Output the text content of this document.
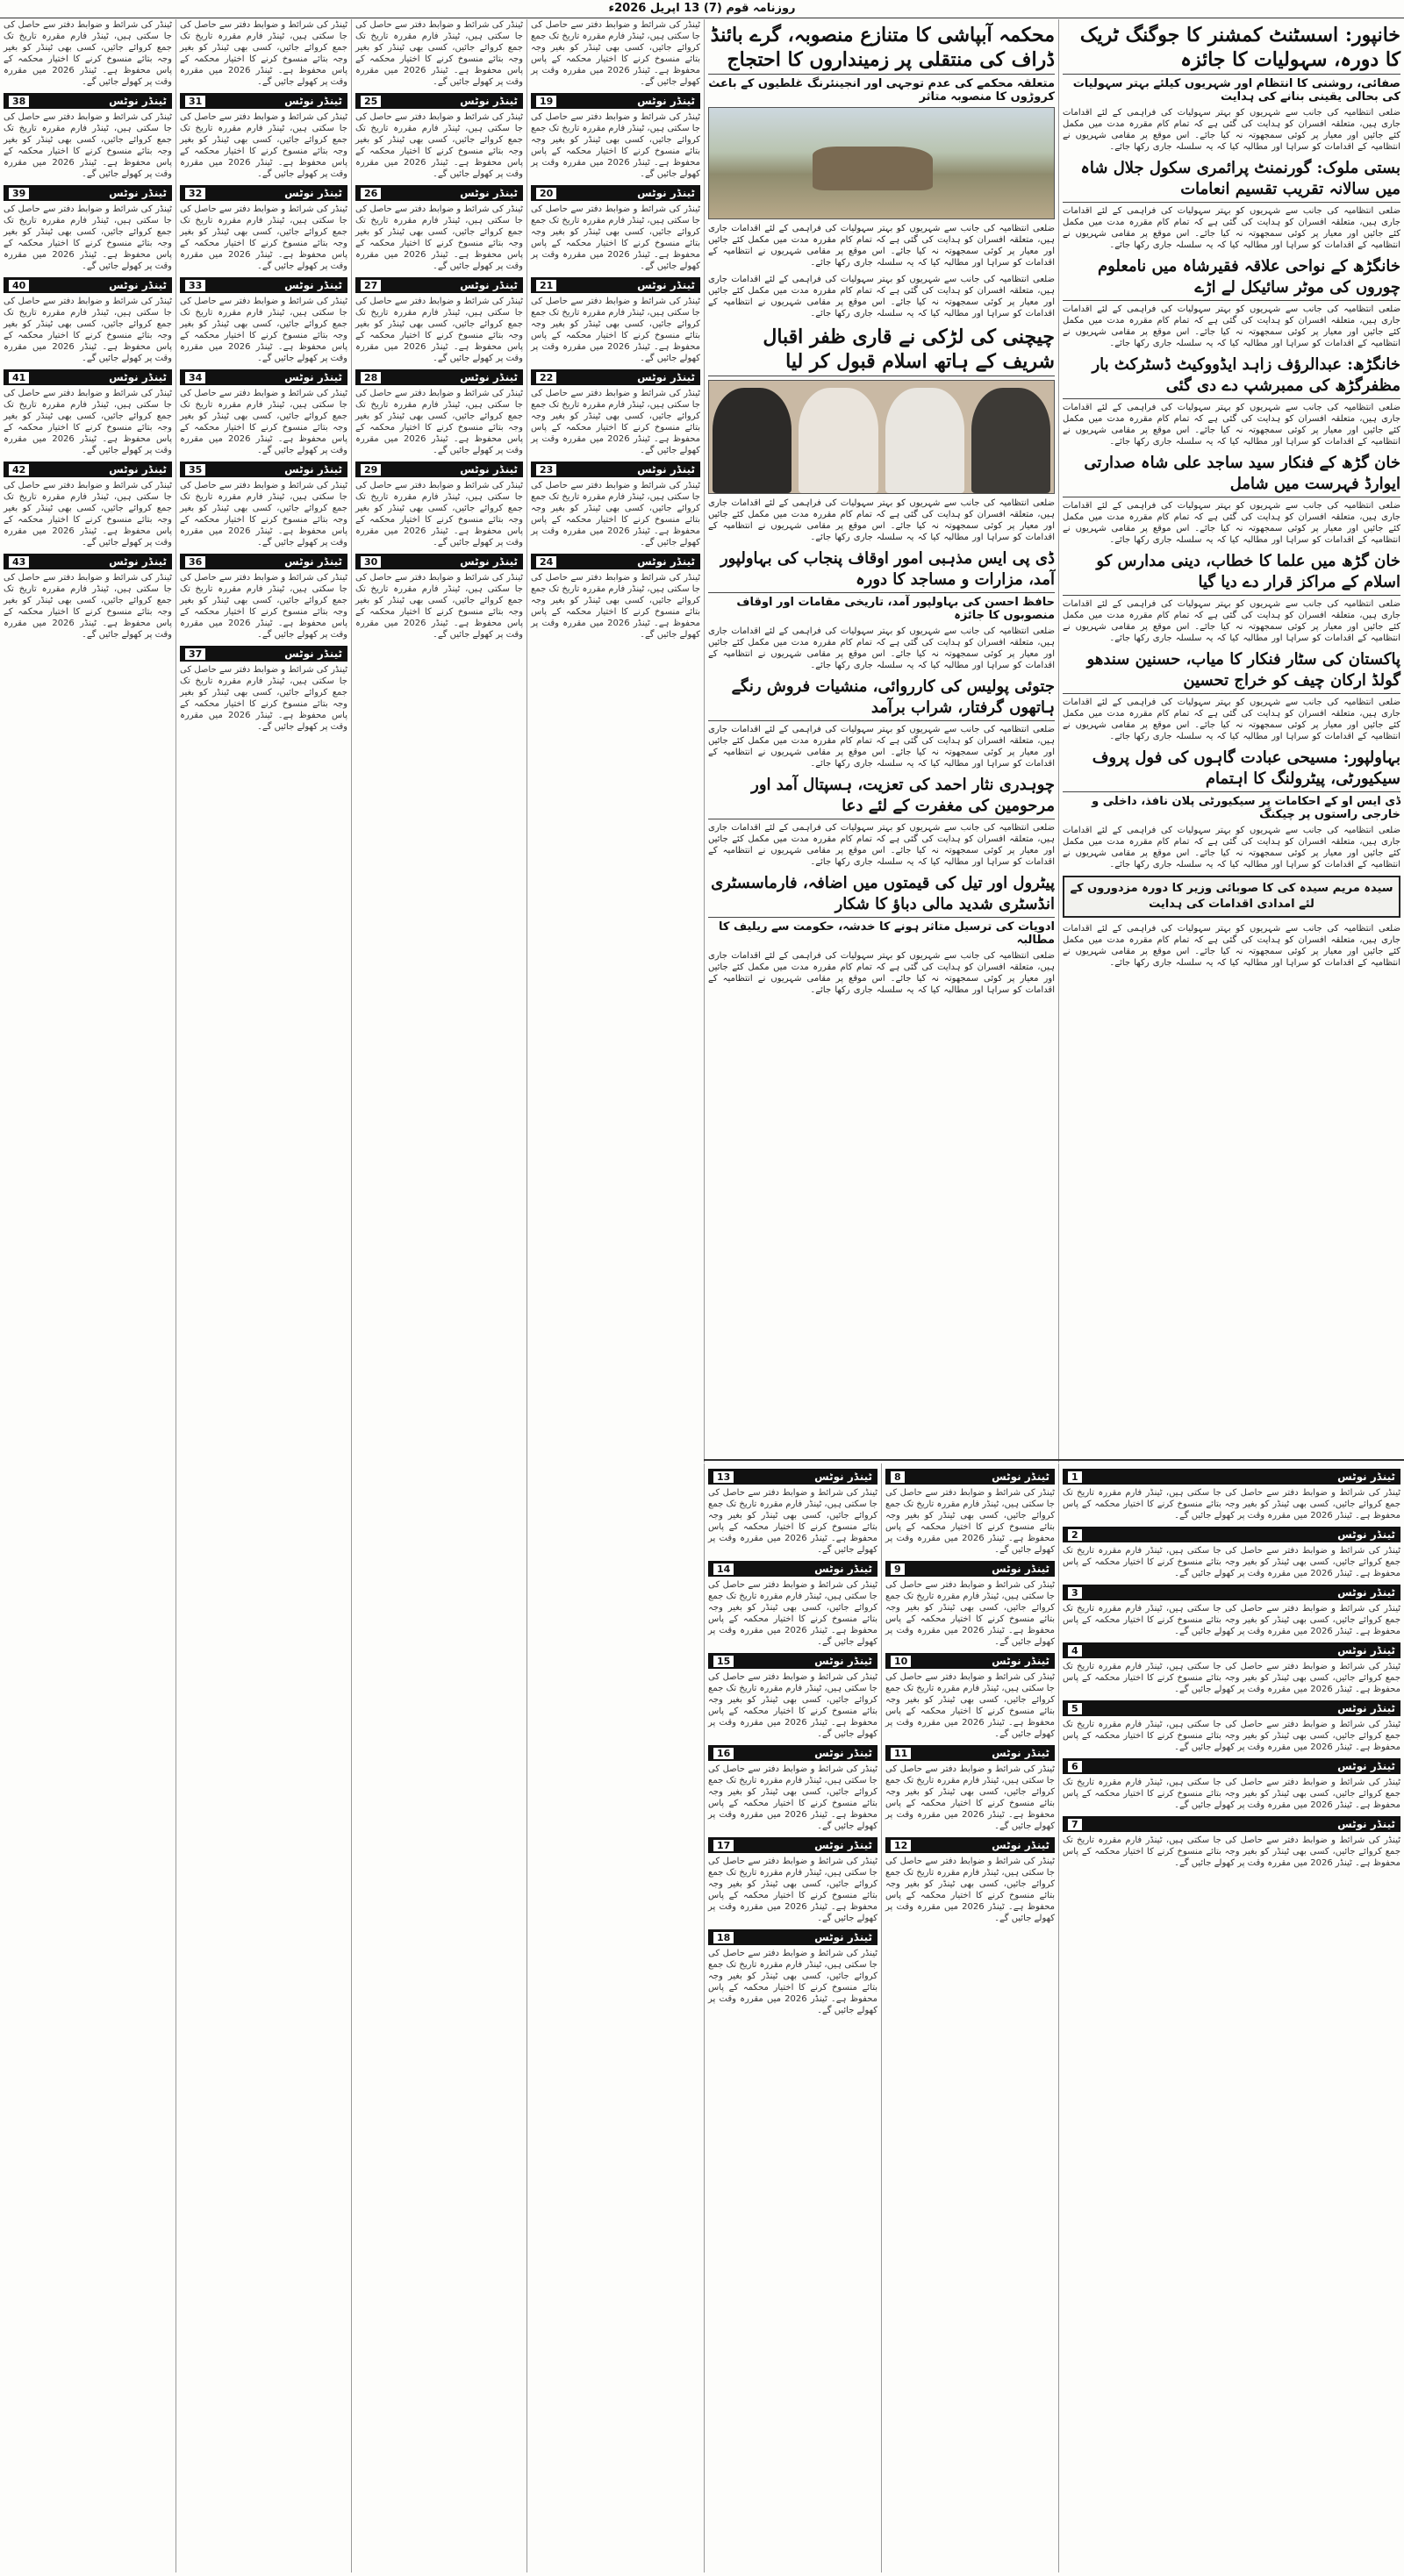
روزنامہ قوم (7) 13 اپریل 2026ء
خانپور: اسسٹنٹ کمشنر کا جوگنگ ٹریک کا دورہ، سہولیات کا جائزہ
صفائی، روشنی کا انتظام اور شہریوں کیلئے بہتر سہولیات کی بحالی یقینی بنانے کی ہدایت

ضلعی انتظامیہ کی جانب سے شہریوں کو بہتر سہولیات کی فراہمی کے لئے اقدامات جاری ہیں، متعلقہ افسران کو ہدایت کی گئی ہے کہ تمام کام مقررہ مدت میں مکمل کئے جائیں اور معیار پر کوئی سمجھوتہ نہ کیا جائے۔ اس موقع پر مقامی شہریوں نے انتظامیہ کے اقدامات کو سراہا اور مطالبہ کیا کہ یہ سلسلہ جاری رکھا جائے۔

بستی ملوک: گورنمنٹ پرائمری سکول جلال شاہ میں سالانہ تقریب تقسیم انعامات

ضلعی انتظامیہ کی جانب سے شہریوں کو بہتر سہولیات کی فراہمی کے لئے اقدامات جاری ہیں، متعلقہ افسران کو ہدایت کی گئی ہے کہ تمام کام مقررہ مدت میں مکمل کئے جائیں اور معیار پر کوئی سمجھوتہ نہ کیا جائے۔ اس موقع پر مقامی شہریوں نے انتظامیہ کے اقدامات کو سراہا اور مطالبہ کیا کہ یہ سلسلہ جاری رکھا جائے۔

خانگڑھ کے نواحی علاقہ فقیرشاہ میں نامعلوم چوروں کی موٹر سائیکل لے اڑے

ضلعی انتظامیہ کی جانب سے شہریوں کو بہتر سہولیات کی فراہمی کے لئے اقدامات جاری ہیں، متعلقہ افسران کو ہدایت کی گئی ہے کہ تمام کام مقررہ مدت میں مکمل کئے جائیں اور معیار پر کوئی سمجھوتہ نہ کیا جائے۔ اس موقع پر مقامی شہریوں نے انتظامیہ کے اقدامات کو سراہا اور مطالبہ کیا کہ یہ سلسلہ جاری رکھا جائے۔

خانگڑھ: عبدالرؤف زاہد ایڈووکیٹ ڈسٹرکٹ بار مظفرگڑھ کی ممبرشپ دے دی گئی

ضلعی انتظامیہ کی جانب سے شہریوں کو بہتر سہولیات کی فراہمی کے لئے اقدامات جاری ہیں، متعلقہ افسران کو ہدایت کی گئی ہے کہ تمام کام مقررہ مدت میں مکمل کئے جائیں اور معیار پر کوئی سمجھوتہ نہ کیا جائے۔ اس موقع پر مقامی شہریوں نے انتظامیہ کے اقدامات کو سراہا اور مطالبہ کیا کہ یہ سلسلہ جاری رکھا جائے۔

خان گڑھ کے فنکار سید ساجد علی شاہ صدارتی ایوارڈ فہرست میں شامل

ضلعی انتظامیہ کی جانب سے شہریوں کو بہتر سہولیات کی فراہمی کے لئے اقدامات جاری ہیں، متعلقہ افسران کو ہدایت کی گئی ہے کہ تمام کام مقررہ مدت میں مکمل کئے جائیں اور معیار پر کوئی سمجھوتہ نہ کیا جائے۔ اس موقع پر مقامی شہریوں نے انتظامیہ کے اقدامات کو سراہا اور مطالبہ کیا کہ یہ سلسلہ جاری رکھا جائے۔

خان گڑھ میں علما کا خطاب، دینی مدارس کو اسلام کے مراکز قرار دے دیا گیا

ضلعی انتظامیہ کی جانب سے شہریوں کو بہتر سہولیات کی فراہمی کے لئے اقدامات جاری ہیں، متعلقہ افسران کو ہدایت کی گئی ہے کہ تمام کام مقررہ مدت میں مکمل کئے جائیں اور معیار پر کوئی سمجھوتہ نہ کیا جائے۔ اس موقع پر مقامی شہریوں نے انتظامیہ کے اقدامات کو سراہا اور مطالبہ کیا کہ یہ سلسلہ جاری رکھا جائے۔

پاکستان کی سٹار فنکار کا میاب، حسنین سندھو گولڈ ارکان چیف کو خراج تحسین

ضلعی انتظامیہ کی جانب سے شہریوں کو بہتر سہولیات کی فراہمی کے لئے اقدامات جاری ہیں، متعلقہ افسران کو ہدایت کی گئی ہے کہ تمام کام مقررہ مدت میں مکمل کئے جائیں اور معیار پر کوئی سمجھوتہ نہ کیا جائے۔ اس موقع پر مقامی شہریوں نے انتظامیہ کے اقدامات کو سراہا اور مطالبہ کیا کہ یہ سلسلہ جاری رکھا جائے۔

بہاولپور: مسیحی عبادت گاہوں کی فول پروف سیکیورٹی، پیٹرولنگ کا اہتمام
ڈی ایس او کے احکامات پر سیکیورٹی پلان نافذ، داخلی و خارجی راستوں پر چیکنگ

ضلعی انتظامیہ کی جانب سے شہریوں کو بہتر سہولیات کی فراہمی کے لئے اقدامات جاری ہیں، متعلقہ افسران کو ہدایت کی گئی ہے کہ تمام کام مقررہ مدت میں مکمل کئے جائیں اور معیار پر کوئی سمجھوتہ نہ کیا جائے۔ اس موقع پر مقامی شہریوں نے انتظامیہ کے اقدامات کو سراہا اور مطالبہ کیا کہ یہ سلسلہ جاری رکھا جائے۔

سیدہ مریم سیدہ کی کا صوبائی وزیر کا دورہ مزدوروں کے لئے امدادی اقدامات کی ہدایت

ضلعی انتظامیہ کی جانب سے شہریوں کو بہتر سہولیات کی فراہمی کے لئے اقدامات جاری ہیں، متعلقہ افسران کو ہدایت کی گئی ہے کہ تمام کام مقررہ مدت میں مکمل کئے جائیں اور معیار پر کوئی سمجھوتہ نہ کیا جائے۔ اس موقع پر مقامی شہریوں نے انتظامیہ کے اقدامات کو سراہا اور مطالبہ کیا کہ یہ سلسلہ جاری رکھا جائے۔

محکمہ آبپاشی کا متنازع منصوبہ، گرے بائنڈ ڈراف کی منتقلی پر زمینداروں کا احتجاج
متعلقہ محکمے کی عدم توجہی اور انجینئرنگ غلطیوں کے باعث کروڑوں کا منصوبہ متاثر

ضلعی انتظامیہ کی جانب سے شہریوں کو بہتر سہولیات کی فراہمی کے لئے اقدامات جاری ہیں، متعلقہ افسران کو ہدایت کی گئی ہے کہ تمام کام مقررہ مدت میں مکمل کئے جائیں اور معیار پر کوئی سمجھوتہ نہ کیا جائے۔ اس موقع پر مقامی شہریوں نے انتظامیہ کے اقدامات کو سراہا اور مطالبہ کیا کہ یہ سلسلہ جاری رکھا جائے۔

ضلعی انتظامیہ کی جانب سے شہریوں کو بہتر سہولیات کی فراہمی کے لئے اقدامات جاری ہیں، متعلقہ افسران کو ہدایت کی گئی ہے کہ تمام کام مقررہ مدت میں مکمل کئے جائیں اور معیار پر کوئی سمجھوتہ نہ کیا جائے۔ اس موقع پر مقامی شہریوں نے انتظامیہ کے اقدامات کو سراہا اور مطالبہ کیا کہ یہ سلسلہ جاری رکھا جائے۔

چیچنی کی لڑکی نے قاری ظفر اقبال شریف کے ہاتھ اسلام قبول کر لیا

ضلعی انتظامیہ کی جانب سے شہریوں کو بہتر سہولیات کی فراہمی کے لئے اقدامات جاری ہیں، متعلقہ افسران کو ہدایت کی گئی ہے کہ تمام کام مقررہ مدت میں مکمل کئے جائیں اور معیار پر کوئی سمجھوتہ نہ کیا جائے۔ اس موقع پر مقامی شہریوں نے انتظامیہ کے اقدامات کو سراہا اور مطالبہ کیا کہ یہ سلسلہ جاری رکھا جائے۔

ڈی پی ایس مذہبی امور اوقاف پنجاب کی بہاولپور آمد، مزارات و مساجد کا دورہ
حافظ احسن کی بہاولپور آمد، تاریخی مقامات اور اوقاف منصوبوں کا جائزہ

ضلعی انتظامیہ کی جانب سے شہریوں کو بہتر سہولیات کی فراہمی کے لئے اقدامات جاری ہیں، متعلقہ افسران کو ہدایت کی گئی ہے کہ تمام کام مقررہ مدت میں مکمل کئے جائیں اور معیار پر کوئی سمجھوتہ نہ کیا جائے۔ اس موقع پر مقامی شہریوں نے انتظامیہ کے اقدامات کو سراہا اور مطالبہ کیا کہ یہ سلسلہ جاری رکھا جائے۔

جتوئی پولیس کی کارروائی، منشیات فروش رنگے ہاتھوں گرفتار، شراب برآمد

ضلعی انتظامیہ کی جانب سے شہریوں کو بہتر سہولیات کی فراہمی کے لئے اقدامات جاری ہیں، متعلقہ افسران کو ہدایت کی گئی ہے کہ تمام کام مقررہ مدت میں مکمل کئے جائیں اور معیار پر کوئی سمجھوتہ نہ کیا جائے۔ اس موقع پر مقامی شہریوں نے انتظامیہ کے اقدامات کو سراہا اور مطالبہ کیا کہ یہ سلسلہ جاری رکھا جائے۔

چوہدری نثار احمد کی تعزیت، ہسپتال آمد اور مرحومین کی مغفرت کے لئے دعا

ضلعی انتظامیہ کی جانب سے شہریوں کو بہتر سہولیات کی فراہمی کے لئے اقدامات جاری ہیں، متعلقہ افسران کو ہدایت کی گئی ہے کہ تمام کام مقررہ مدت میں مکمل کئے جائیں اور معیار پر کوئی سمجھوتہ نہ کیا جائے۔ اس موقع پر مقامی شہریوں نے انتظامیہ کے اقدامات کو سراہا اور مطالبہ کیا کہ یہ سلسلہ جاری رکھا جائے۔

پیٹرول اور تیل کی قیمتوں میں اضافہ، فارماسسٹری انڈسٹری شدید مالی دباؤ کا شکار
ادویات کی ترسیل متاثر ہونے کا خدشہ، حکومت سے ریلیف کا مطالبہ

ضلعی انتظامیہ کی جانب سے شہریوں کو بہتر سہولیات کی فراہمی کے لئے اقدامات جاری ہیں، متعلقہ افسران کو ہدایت کی گئی ہے کہ تمام کام مقررہ مدت میں مکمل کئے جائیں اور معیار پر کوئی سمجھوتہ نہ کیا جائے۔ اس موقع پر مقامی شہریوں نے انتظامیہ کے اقدامات کو سراہا اور مطالبہ کیا کہ یہ سلسلہ جاری رکھا جائے۔

ٹینڈر نوٹس
1

ٹینڈر کی شرائط و ضوابط دفتر سے حاصل کی جا سکتی ہیں، ٹینڈر فارم مقررہ تاریخ تک جمع کروائے جائیں، کسی بھی ٹینڈر کو بغیر وجہ بتائے منسوخ کرنے کا اختیار محکمہ کے پاس محفوظ ہے۔ ٹینڈر 2026 میں مقررہ وقت پر کھولے جائیں گے۔

ٹینڈر نوٹس
2

ٹینڈر کی شرائط و ضوابط دفتر سے حاصل کی جا سکتی ہیں، ٹینڈر فارم مقررہ تاریخ تک جمع کروائے جائیں، کسی بھی ٹینڈر کو بغیر وجہ بتائے منسوخ کرنے کا اختیار محکمہ کے پاس محفوظ ہے۔ ٹینڈر 2026 میں مقررہ وقت پر کھولے جائیں گے۔

ٹینڈر نوٹس
3

ٹینڈر کی شرائط و ضوابط دفتر سے حاصل کی جا سکتی ہیں، ٹینڈر فارم مقررہ تاریخ تک جمع کروائے جائیں، کسی بھی ٹینڈر کو بغیر وجہ بتائے منسوخ کرنے کا اختیار محکمہ کے پاس محفوظ ہے۔ ٹینڈر 2026 میں مقررہ وقت پر کھولے جائیں گے۔

ٹینڈر نوٹس
4

ٹینڈر کی شرائط و ضوابط دفتر سے حاصل کی جا سکتی ہیں، ٹینڈر فارم مقررہ تاریخ تک جمع کروائے جائیں، کسی بھی ٹینڈر کو بغیر وجہ بتائے منسوخ کرنے کا اختیار محکمہ کے پاس محفوظ ہے۔ ٹینڈر 2026 میں مقررہ وقت پر کھولے جائیں گے۔

ٹینڈر نوٹس
5

ٹینڈر کی شرائط و ضوابط دفتر سے حاصل کی جا سکتی ہیں، ٹینڈر فارم مقررہ تاریخ تک جمع کروائے جائیں، کسی بھی ٹینڈر کو بغیر وجہ بتائے منسوخ کرنے کا اختیار محکمہ کے پاس محفوظ ہے۔ ٹینڈر 2026 میں مقررہ وقت پر کھولے جائیں گے۔

ٹینڈر نوٹس
6

ٹینڈر کی شرائط و ضوابط دفتر سے حاصل کی جا سکتی ہیں، ٹینڈر فارم مقررہ تاریخ تک جمع کروائے جائیں، کسی بھی ٹینڈر کو بغیر وجہ بتائے منسوخ کرنے کا اختیار محکمہ کے پاس محفوظ ہے۔ ٹینڈر 2026 میں مقررہ وقت پر کھولے جائیں گے۔

ٹینڈر نوٹس
7

ٹینڈر کی شرائط و ضوابط دفتر سے حاصل کی جا سکتی ہیں، ٹینڈر فارم مقررہ تاریخ تک جمع کروائے جائیں، کسی بھی ٹینڈر کو بغیر وجہ بتائے منسوخ کرنے کا اختیار محکمہ کے پاس محفوظ ہے۔ ٹینڈر 2026 میں مقررہ وقت پر کھولے جائیں گے۔

ٹینڈر نوٹس
8

ٹینڈر کی شرائط و ضوابط دفتر سے حاصل کی جا سکتی ہیں، ٹینڈر فارم مقررہ تاریخ تک جمع کروائے جائیں، کسی بھی ٹینڈر کو بغیر وجہ بتائے منسوخ کرنے کا اختیار محکمہ کے پاس محفوظ ہے۔ ٹینڈر 2026 میں مقررہ وقت پر کھولے جائیں گے۔

ٹینڈر نوٹس
9

ٹینڈر کی شرائط و ضوابط دفتر سے حاصل کی جا سکتی ہیں، ٹینڈر فارم مقررہ تاریخ تک جمع کروائے جائیں، کسی بھی ٹینڈر کو بغیر وجہ بتائے منسوخ کرنے کا اختیار محکمہ کے پاس محفوظ ہے۔ ٹینڈر 2026 میں مقررہ وقت پر کھولے جائیں گے۔

ٹینڈر نوٹس
10

ٹینڈر کی شرائط و ضوابط دفتر سے حاصل کی جا سکتی ہیں، ٹینڈر فارم مقررہ تاریخ تک جمع کروائے جائیں، کسی بھی ٹینڈر کو بغیر وجہ بتائے منسوخ کرنے کا اختیار محکمہ کے پاس محفوظ ہے۔ ٹینڈر 2026 میں مقررہ وقت پر کھولے جائیں گے۔

ٹینڈر نوٹس
11

ٹینڈر کی شرائط و ضوابط دفتر سے حاصل کی جا سکتی ہیں، ٹینڈر فارم مقررہ تاریخ تک جمع کروائے جائیں، کسی بھی ٹینڈر کو بغیر وجہ بتائے منسوخ کرنے کا اختیار محکمہ کے پاس محفوظ ہے۔ ٹینڈر 2026 میں مقررہ وقت پر کھولے جائیں گے۔

ٹینڈر نوٹس
12

ٹینڈر کی شرائط و ضوابط دفتر سے حاصل کی جا سکتی ہیں، ٹینڈر فارم مقررہ تاریخ تک جمع کروائے جائیں، کسی بھی ٹینڈر کو بغیر وجہ بتائے منسوخ کرنے کا اختیار محکمہ کے پاس محفوظ ہے۔ ٹینڈر 2026 میں مقررہ وقت پر کھولے جائیں گے۔

ٹینڈر نوٹس
13

ٹینڈر کی شرائط و ضوابط دفتر سے حاصل کی جا سکتی ہیں، ٹینڈر فارم مقررہ تاریخ تک جمع کروائے جائیں، کسی بھی ٹینڈر کو بغیر وجہ بتائے منسوخ کرنے کا اختیار محکمہ کے پاس محفوظ ہے۔ ٹینڈر 2026 میں مقررہ وقت پر کھولے جائیں گے۔

ٹینڈر نوٹس
14

ٹینڈر کی شرائط و ضوابط دفتر سے حاصل کی جا سکتی ہیں، ٹینڈر فارم مقررہ تاریخ تک جمع کروائے جائیں، کسی بھی ٹینڈر کو بغیر وجہ بتائے منسوخ کرنے کا اختیار محکمہ کے پاس محفوظ ہے۔ ٹینڈر 2026 میں مقررہ وقت پر کھولے جائیں گے۔

ٹینڈر نوٹس
15

ٹینڈر کی شرائط و ضوابط دفتر سے حاصل کی جا سکتی ہیں، ٹینڈر فارم مقررہ تاریخ تک جمع کروائے جائیں، کسی بھی ٹینڈر کو بغیر وجہ بتائے منسوخ کرنے کا اختیار محکمہ کے پاس محفوظ ہے۔ ٹینڈر 2026 میں مقررہ وقت پر کھولے جائیں گے۔

ٹینڈر نوٹس
16

ٹینڈر کی شرائط و ضوابط دفتر سے حاصل کی جا سکتی ہیں، ٹینڈر فارم مقررہ تاریخ تک جمع کروائے جائیں، کسی بھی ٹینڈر کو بغیر وجہ بتائے منسوخ کرنے کا اختیار محکمہ کے پاس محفوظ ہے۔ ٹینڈر 2026 میں مقررہ وقت پر کھولے جائیں گے۔

ٹینڈر نوٹس
17

ٹینڈر کی شرائط و ضوابط دفتر سے حاصل کی جا سکتی ہیں، ٹینڈر فارم مقررہ تاریخ تک جمع کروائے جائیں، کسی بھی ٹینڈر کو بغیر وجہ بتائے منسوخ کرنے کا اختیار محکمہ کے پاس محفوظ ہے۔ ٹینڈر 2026 میں مقررہ وقت پر کھولے جائیں گے۔

ٹینڈر نوٹس
18

ٹینڈر کی شرائط و ضوابط دفتر سے حاصل کی جا سکتی ہیں، ٹینڈر فارم مقررہ تاریخ تک جمع کروائے جائیں، کسی بھی ٹینڈر کو بغیر وجہ بتائے منسوخ کرنے کا اختیار محکمہ کے پاس محفوظ ہے۔ ٹینڈر 2026 میں مقررہ وقت پر کھولے جائیں گے۔

ٹینڈر کی شرائط و ضوابط دفتر سے حاصل کی جا سکتی ہیں، ٹینڈر فارم مقررہ تاریخ تک جمع کروائے جائیں، کسی بھی ٹینڈر کو بغیر وجہ بتائے منسوخ کرنے کا اختیار محکمہ کے پاس محفوظ ہے۔ ٹینڈر 2026 میں مقررہ وقت پر کھولے جائیں گے۔

ٹینڈر نوٹس
19

ٹینڈر کی شرائط و ضوابط دفتر سے حاصل کی جا سکتی ہیں، ٹینڈر فارم مقررہ تاریخ تک جمع کروائے جائیں، کسی بھی ٹینڈر کو بغیر وجہ بتائے منسوخ کرنے کا اختیار محکمہ کے پاس محفوظ ہے۔ ٹینڈر 2026 میں مقررہ وقت پر کھولے جائیں گے۔

ٹینڈر نوٹس
20

ٹینڈر کی شرائط و ضوابط دفتر سے حاصل کی جا سکتی ہیں، ٹینڈر فارم مقررہ تاریخ تک جمع کروائے جائیں، کسی بھی ٹینڈر کو بغیر وجہ بتائے منسوخ کرنے کا اختیار محکمہ کے پاس محفوظ ہے۔ ٹینڈر 2026 میں مقررہ وقت پر کھولے جائیں گے۔

ٹینڈر نوٹس
21

ٹینڈر کی شرائط و ضوابط دفتر سے حاصل کی جا سکتی ہیں، ٹینڈر فارم مقررہ تاریخ تک جمع کروائے جائیں، کسی بھی ٹینڈر کو بغیر وجہ بتائے منسوخ کرنے کا اختیار محکمہ کے پاس محفوظ ہے۔ ٹینڈر 2026 میں مقررہ وقت پر کھولے جائیں گے۔

ٹینڈر نوٹس
22

ٹینڈر کی شرائط و ضوابط دفتر سے حاصل کی جا سکتی ہیں، ٹینڈر فارم مقررہ تاریخ تک جمع کروائے جائیں، کسی بھی ٹینڈر کو بغیر وجہ بتائے منسوخ کرنے کا اختیار محکمہ کے پاس محفوظ ہے۔ ٹینڈر 2026 میں مقررہ وقت پر کھولے جائیں گے۔

ٹینڈر نوٹس
23

ٹینڈر کی شرائط و ضوابط دفتر سے حاصل کی جا سکتی ہیں، ٹینڈر فارم مقررہ تاریخ تک جمع کروائے جائیں، کسی بھی ٹینڈر کو بغیر وجہ بتائے منسوخ کرنے کا اختیار محکمہ کے پاس محفوظ ہے۔ ٹینڈر 2026 میں مقررہ وقت پر کھولے جائیں گے۔

ٹینڈر نوٹس
24

ٹینڈر کی شرائط و ضوابط دفتر سے حاصل کی جا سکتی ہیں، ٹینڈر فارم مقررہ تاریخ تک جمع کروائے جائیں، کسی بھی ٹینڈر کو بغیر وجہ بتائے منسوخ کرنے کا اختیار محکمہ کے پاس محفوظ ہے۔ ٹینڈر 2026 میں مقررہ وقت پر کھولے جائیں گے۔

ٹینڈر کی شرائط و ضوابط دفتر سے حاصل کی جا سکتی ہیں، ٹینڈر فارم مقررہ تاریخ تک جمع کروائے جائیں، کسی بھی ٹینڈر کو بغیر وجہ بتائے منسوخ کرنے کا اختیار محکمہ کے پاس محفوظ ہے۔ ٹینڈر 2026 میں مقررہ وقت پر کھولے جائیں گے۔

ٹینڈر نوٹس
25

ٹینڈر کی شرائط و ضوابط دفتر سے حاصل کی جا سکتی ہیں، ٹینڈر فارم مقررہ تاریخ تک جمع کروائے جائیں، کسی بھی ٹینڈر کو بغیر وجہ بتائے منسوخ کرنے کا اختیار محکمہ کے پاس محفوظ ہے۔ ٹینڈر 2026 میں مقررہ وقت پر کھولے جائیں گے۔

ٹینڈر نوٹس
26

ٹینڈر کی شرائط و ضوابط دفتر سے حاصل کی جا سکتی ہیں، ٹینڈر فارم مقررہ تاریخ تک جمع کروائے جائیں، کسی بھی ٹینڈر کو بغیر وجہ بتائے منسوخ کرنے کا اختیار محکمہ کے پاس محفوظ ہے۔ ٹینڈر 2026 میں مقررہ وقت پر کھولے جائیں گے۔

ٹینڈر نوٹس
27

ٹینڈر کی شرائط و ضوابط دفتر سے حاصل کی جا سکتی ہیں، ٹینڈر فارم مقررہ تاریخ تک جمع کروائے جائیں، کسی بھی ٹینڈر کو بغیر وجہ بتائے منسوخ کرنے کا اختیار محکمہ کے پاس محفوظ ہے۔ ٹینڈر 2026 میں مقررہ وقت پر کھولے جائیں گے۔

ٹینڈر نوٹس
28

ٹینڈر کی شرائط و ضوابط دفتر سے حاصل کی جا سکتی ہیں، ٹینڈر فارم مقررہ تاریخ تک جمع کروائے جائیں، کسی بھی ٹینڈر کو بغیر وجہ بتائے منسوخ کرنے کا اختیار محکمہ کے پاس محفوظ ہے۔ ٹینڈر 2026 میں مقررہ وقت پر کھولے جائیں گے۔

ٹینڈر نوٹس
29

ٹینڈر کی شرائط و ضوابط دفتر سے حاصل کی جا سکتی ہیں، ٹینڈر فارم مقررہ تاریخ تک جمع کروائے جائیں، کسی بھی ٹینڈر کو بغیر وجہ بتائے منسوخ کرنے کا اختیار محکمہ کے پاس محفوظ ہے۔ ٹینڈر 2026 میں مقررہ وقت پر کھولے جائیں گے۔

ٹینڈر نوٹس
30

ٹینڈر کی شرائط و ضوابط دفتر سے حاصل کی جا سکتی ہیں، ٹینڈر فارم مقررہ تاریخ تک جمع کروائے جائیں، کسی بھی ٹینڈر کو بغیر وجہ بتائے منسوخ کرنے کا اختیار محکمہ کے پاس محفوظ ہے۔ ٹینڈر 2026 میں مقررہ وقت پر کھولے جائیں گے۔

ٹینڈر کی شرائط و ضوابط دفتر سے حاصل کی جا سکتی ہیں، ٹینڈر فارم مقررہ تاریخ تک جمع کروائے جائیں، کسی بھی ٹینڈر کو بغیر وجہ بتائے منسوخ کرنے کا اختیار محکمہ کے پاس محفوظ ہے۔ ٹینڈر 2026 میں مقررہ وقت پر کھولے جائیں گے۔

ٹینڈر نوٹس
31

ٹینڈر کی شرائط و ضوابط دفتر سے حاصل کی جا سکتی ہیں، ٹینڈر فارم مقررہ تاریخ تک جمع کروائے جائیں، کسی بھی ٹینڈر کو بغیر وجہ بتائے منسوخ کرنے کا اختیار محکمہ کے پاس محفوظ ہے۔ ٹینڈر 2026 میں مقررہ وقت پر کھولے جائیں گے۔

ٹینڈر نوٹس
32

ٹینڈر کی شرائط و ضوابط دفتر سے حاصل کی جا سکتی ہیں، ٹینڈر فارم مقررہ تاریخ تک جمع کروائے جائیں، کسی بھی ٹینڈر کو بغیر وجہ بتائے منسوخ کرنے کا اختیار محکمہ کے پاس محفوظ ہے۔ ٹینڈر 2026 میں مقررہ وقت پر کھولے جائیں گے۔

ٹینڈر نوٹس
33

ٹینڈر کی شرائط و ضوابط دفتر سے حاصل کی جا سکتی ہیں، ٹینڈر فارم مقررہ تاریخ تک جمع کروائے جائیں، کسی بھی ٹینڈر کو بغیر وجہ بتائے منسوخ کرنے کا اختیار محکمہ کے پاس محفوظ ہے۔ ٹینڈر 2026 میں مقررہ وقت پر کھولے جائیں گے۔

ٹینڈر نوٹس
34

ٹینڈر کی شرائط و ضوابط دفتر سے حاصل کی جا سکتی ہیں، ٹینڈر فارم مقررہ تاریخ تک جمع کروائے جائیں، کسی بھی ٹینڈر کو بغیر وجہ بتائے منسوخ کرنے کا اختیار محکمہ کے پاس محفوظ ہے۔ ٹینڈر 2026 میں مقررہ وقت پر کھولے جائیں گے۔

ٹینڈر نوٹس
35

ٹینڈر کی شرائط و ضوابط دفتر سے حاصل کی جا سکتی ہیں، ٹینڈر فارم مقررہ تاریخ تک جمع کروائے جائیں، کسی بھی ٹینڈر کو بغیر وجہ بتائے منسوخ کرنے کا اختیار محکمہ کے پاس محفوظ ہے۔ ٹینڈر 2026 میں مقررہ وقت پر کھولے جائیں گے۔

ٹینڈر نوٹس
36

ٹینڈر کی شرائط و ضوابط دفتر سے حاصل کی جا سکتی ہیں، ٹینڈر فارم مقررہ تاریخ تک جمع کروائے جائیں، کسی بھی ٹینڈر کو بغیر وجہ بتائے منسوخ کرنے کا اختیار محکمہ کے پاس محفوظ ہے۔ ٹینڈر 2026 میں مقررہ وقت پر کھولے جائیں گے۔

ٹینڈر نوٹس
37

ٹینڈر کی شرائط و ضوابط دفتر سے حاصل کی جا سکتی ہیں، ٹینڈر فارم مقررہ تاریخ تک جمع کروائے جائیں، کسی بھی ٹینڈر کو بغیر وجہ بتائے منسوخ کرنے کا اختیار محکمہ کے پاس محفوظ ہے۔ ٹینڈر 2026 میں مقررہ وقت پر کھولے جائیں گے۔

ٹینڈر کی شرائط و ضوابط دفتر سے حاصل کی جا سکتی ہیں، ٹینڈر فارم مقررہ تاریخ تک جمع کروائے جائیں، کسی بھی ٹینڈر کو بغیر وجہ بتائے منسوخ کرنے کا اختیار محکمہ کے پاس محفوظ ہے۔ ٹینڈر 2026 میں مقررہ وقت پر کھولے جائیں گے۔

ٹینڈر نوٹس
38

ٹینڈر کی شرائط و ضوابط دفتر سے حاصل کی جا سکتی ہیں، ٹینڈر فارم مقررہ تاریخ تک جمع کروائے جائیں، کسی بھی ٹینڈر کو بغیر وجہ بتائے منسوخ کرنے کا اختیار محکمہ کے پاس محفوظ ہے۔ ٹینڈر 2026 میں مقررہ وقت پر کھولے جائیں گے۔

ٹینڈر نوٹس
39

ٹینڈر کی شرائط و ضوابط دفتر سے حاصل کی جا سکتی ہیں، ٹینڈر فارم مقررہ تاریخ تک جمع کروائے جائیں، کسی بھی ٹینڈر کو بغیر وجہ بتائے منسوخ کرنے کا اختیار محکمہ کے پاس محفوظ ہے۔ ٹینڈر 2026 میں مقررہ وقت پر کھولے جائیں گے۔

ٹینڈر نوٹس
40

ٹینڈر کی شرائط و ضوابط دفتر سے حاصل کی جا سکتی ہیں، ٹینڈر فارم مقررہ تاریخ تک جمع کروائے جائیں، کسی بھی ٹینڈر کو بغیر وجہ بتائے منسوخ کرنے کا اختیار محکمہ کے پاس محفوظ ہے۔ ٹینڈر 2026 میں مقررہ وقت پر کھولے جائیں گے۔

ٹینڈر نوٹس
41

ٹینڈر کی شرائط و ضوابط دفتر سے حاصل کی جا سکتی ہیں، ٹینڈر فارم مقررہ تاریخ تک جمع کروائے جائیں، کسی بھی ٹینڈر کو بغیر وجہ بتائے منسوخ کرنے کا اختیار محکمہ کے پاس محفوظ ہے۔ ٹینڈر 2026 میں مقررہ وقت پر کھولے جائیں گے۔

ٹینڈر نوٹس
42

ٹینڈر کی شرائط و ضوابط دفتر سے حاصل کی جا سکتی ہیں، ٹینڈر فارم مقررہ تاریخ تک جمع کروائے جائیں، کسی بھی ٹینڈر کو بغیر وجہ بتائے منسوخ کرنے کا اختیار محکمہ کے پاس محفوظ ہے۔ ٹینڈر 2026 میں مقررہ وقت پر کھولے جائیں گے۔

ٹینڈر نوٹس
43

ٹینڈر کی شرائط و ضوابط دفتر سے حاصل کی جا سکتی ہیں، ٹینڈر فارم مقررہ تاریخ تک جمع کروائے جائیں، کسی بھی ٹینڈر کو بغیر وجہ بتائے منسوخ کرنے کا اختیار محکمہ کے پاس محفوظ ہے۔ ٹینڈر 2026 میں مقررہ وقت پر کھولے جائیں گے۔
